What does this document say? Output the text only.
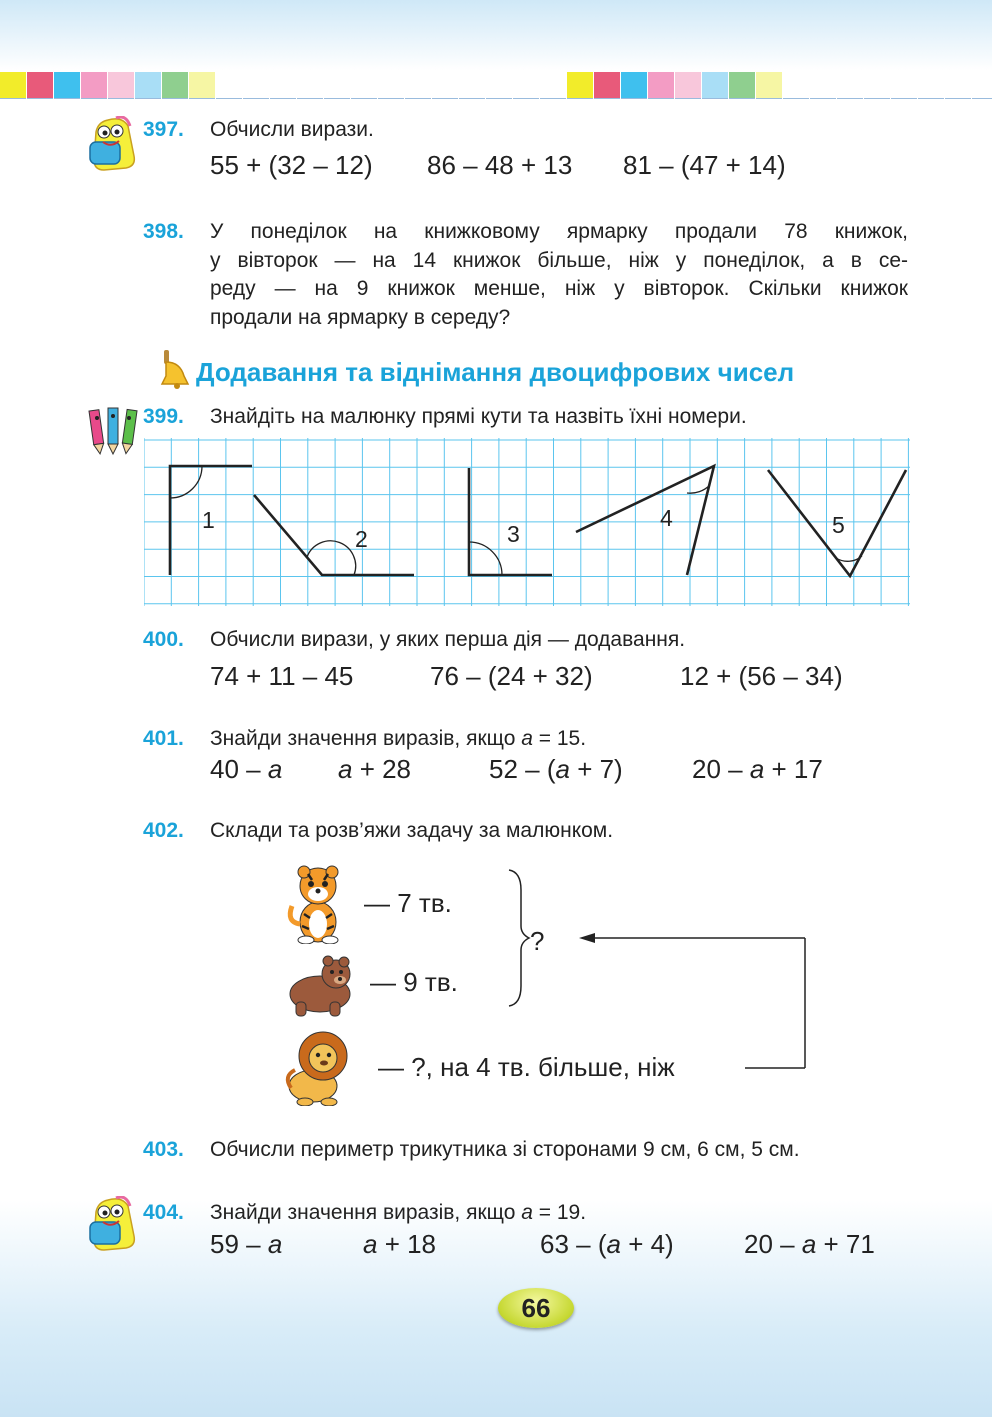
397. Обчисли вирази.
55 + (32 – 12) 86 – 48 + 13 81 – (47 + 14)
398. У понеділок на книжковому ярмарку продали 78 книжок,
у вівторок — на 14 книжок більше, ніж у понеділок, а в се-
реду — на 9 книжок менше, ніж у вівторок. Скільки книжок
продали на ярмарку в середу?
Додавання та віднімання двоцифрових чисел
399. Знайдіть на малюнку прямі кути та назвіть їхні номери.
1
2	3
4	5
400. Обчисли вирази, у яких перша дія — додавання.
74 + 11 – 45	76 – (24 + 32)	12 + (56 – 34)
401. Знайди значення виразів, якщо a = 15.
40 – a a + 28	52 – (a + 7)	20 – a + 17
402. Склади та розв’яжи задачу за малюнком.
— 7 тв.
— 9 тв.
— ?, на 4 тв. більше, ніж
?
403. Обчисли периметр трикутника зі сторонами 9 см, 6 см, 5 см.
404. Знайди значення виразів, якщо a = 19.
59 – a	a + 18	63 – (a + 4)	20 – a + 71
66
